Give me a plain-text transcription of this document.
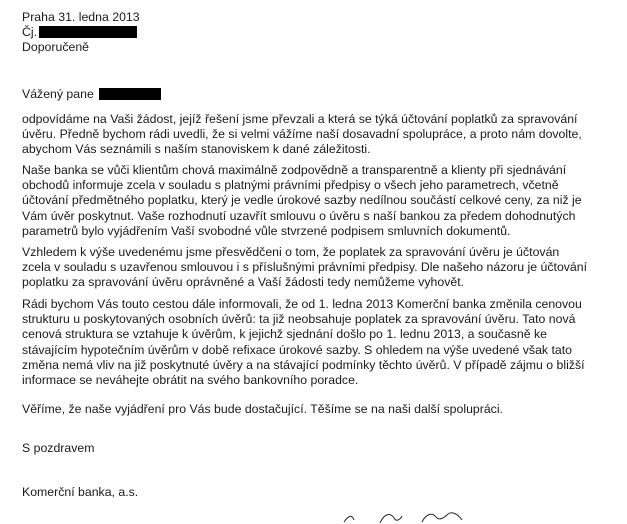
Praha 31. ledna 2013
Čj.
Doporučeně
Vážený pane
odpovídáme na Vaši žádost, jejíž řešení jsme převzali a která se týká účtování poplatků za spravování
úvěru. Předně bychom rádi uvedli, že si velmi vážíme naší dosavadní spolupráce, a proto nám dovolte,
abychom Vás seznámili s naším stanoviskem k dané záležitosti.
Naše banka se vůči klientům chová maximálně zodpovědně a transparentně a klienty při sjednávání
obchodů informuje zcela v souladu s platnými právními předpisy o všech jeho parametrech, včetně
účtování předmětného poplatku, který je vedle úrokové sazby nedílnou součástí celkové ceny, za niž je
Vám úvěr poskytnut. Vaše rozhodnutí uzavřít smlouvu o úvěru s naší bankou za předem dohodnutých
parametrů bylo vyjádřením Vaší svobodné vůle stvrzené podpisem smluvních dokumentů.
Vzhledem k výše uvedenému jsme přesvědčeni o tom, že poplatek za spravování úvěru je účtován
zcela v souladu s uzavřenou smlouvou i s příslušnými právními předpisy. Dle našeho názoru je účtování
poplatku za spravování úvěru oprávněné a Vaší žádosti tedy nemůžeme vyhovět.
Rádi bychom Vás touto cestou dále informovali, že od 1. ledna 2013 Komerční banka změnila cenovou
strukturu u poskytovaných osobních úvěrů: ta již neobsahuje poplatek za spravování úvěru. Tato nová
cenová struktura se vztahuje k úvěrům, k jejichž sjednání došlo po 1. lednu 2013, a současně ke
stávajícím hypotečním úvěrům v době refixace úrokové sazby. S ohledem na výše uvedené však tato
změna nemá vliv na již poskytnuté úvěry a na stávající podmínky těchto úvěrů. V případě zájmu o bližší
informace se neváhejte obrátit na svého bankovního poradce.
Věříme, že naše vyjádření pro Vás bude dostačující. Těšíme se na naši další spolupráci.
S pozdravem
Komerční banka, a.s.
